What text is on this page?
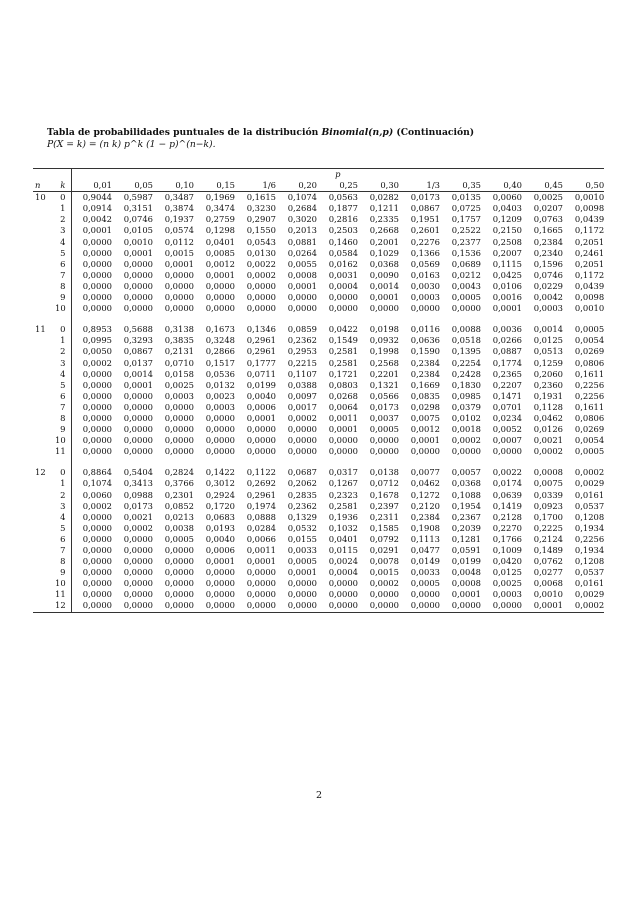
Tabla de probabilidades puntuales de la distribución Binomial(n,p) (Continuación)
P(X = k) = (n k) p^k (1 − p)^(n−k).
		p												
n	k	0,01	0,05	0,10	0,15	1/6	0,20	0,25	0,30	1/3	0,35	0,40	0,45	0,50
10	0	0,9044	0,5987	0,3487	0,1969	0,1615	0,1074	0,0563	0,0282	0,0173	0,0135	0,0060	0,0025	0,0010
	1	0,0914	0,3151	0,3874	0,3474	0,3230	0,2684	0,1877	0,1211	0,0867	0,0725	0,0403	0,0207	0,0098
	2	0,0042	0,0746	0,1937	0,2759	0,2907	0,3020	0,2816	0,2335	0,1951	0,1757	0,1209	0,0763	0,0439
	3	0,0001	0,0105	0,0574	0,1298	0,1550	0,2013	0,2503	0,2668	0,2601	0,2522	0,2150	0,1665	0,1172
	4	0,0000	0,0010	0,0112	0,0401	0,0543	0,0881	0,1460	0,2001	0,2276	0,2377	0,2508	0,2384	0,2051
	5	0,0000	0,0001	0,0015	0,0085	0,0130	0,0264	0,0584	0,1029	0,1366	0,1536	0,2007	0,2340	0,2461
	6	0,0000	0,0000	0,0001	0,0012	0,0022	0,0055	0,0162	0,0368	0,0569	0,0689	0,1115	0,1596	0,2051
	7	0,0000	0,0000	0,0000	0,0001	0,0002	0,0008	0,0031	0,0090	0,0163	0,0212	0,0425	0,0746	0,1172
	8	0,0000	0,0000	0,0000	0,0000	0,0000	0,0001	0,0004	0,0014	0,0030	0,0043	0,0106	0,0229	0,0439
	9	0,0000	0,0000	0,0000	0,0000	0,0000	0,0000	0,0000	0,0001	0,0003	0,0005	0,0016	0,0042	0,0098
	10	0,0000	0,0000	0,0000	0,0000	0,0000	0,0000	0,0000	0,0000	0,0000	0,0000	0,0001	0,0003	0,0010

11	0	0,8953	0,5688	0,3138	0,1673	0,1346	0,0859	0,0422	0,0198	0,0116	0,0088	0,0036	0,0014	0,0005
	1	0,0995	0,3293	0,3835	0,3248	0,2961	0,2362	0,1549	0,0932	0,0636	0,0518	0,0266	0,0125	0,0054
	2	0,0050	0,0867	0,2131	0,2866	0,2961	0,2953	0,2581	0,1998	0,1590	0,1395	0,0887	0,0513	0,0269
	3	0,0002	0,0137	0,0710	0,1517	0,1777	0,2215	0,2581	0,2568	0,2384	0,2254	0,1774	0,1259	0,0806
	4	0,0000	0,0014	0,0158	0,0536	0,0711	0,1107	0,1721	0,2201	0,2384	0,2428	0,2365	0,2060	0,1611
	5	0,0000	0,0001	0,0025	0,0132	0,0199	0,0388	0,0803	0,1321	0,1669	0,1830	0,2207	0,2360	0,2256
	6	0,0000	0,0000	0,0003	0,0023	0,0040	0,0097	0,0268	0,0566	0,0835	0,0985	0,1471	0,1931	0,2256
	7	0,0000	0,0000	0,0000	0,0003	0,0006	0,0017	0,0064	0,0173	0,0298	0,0379	0,0701	0,1128	0,1611
	8	0,0000	0,0000	0,0000	0,0000	0,0001	0,0002	0,0011	0,0037	0,0075	0,0102	0,0234	0,0462	0,0806
	9	0,0000	0,0000	0,0000	0,0000	0,0000	0,0000	0,0001	0,0005	0,0012	0,0018	0,0052	0,0126	0,0269
	10	0,0000	0,0000	0,0000	0,0000	0,0000	0,0000	0,0000	0,0000	0,0001	0,0002	0,0007	0,0021	0,0054
	11	0,0000	0,0000	0,0000	0,0000	0,0000	0,0000	0,0000	0,0000	0,0000	0,0000	0,0000	0,0002	0,0005

12	0	0,8864	0,5404	0,2824	0,1422	0,1122	0,0687	0,0317	0,0138	0,0077	0,0057	0,0022	0,0008	0,0002
	1	0,1074	0,3413	0,3766	0,3012	0,2692	0,2062	0,1267	0,0712	0,0462	0,0368	0,0174	0,0075	0,0029
	2	0,0060	0,0988	0,2301	0,2924	0,2961	0,2835	0,2323	0,1678	0,1272	0,1088	0,0639	0,0339	0,0161
	3	0,0002	0,0173	0,0852	0,1720	0,1974	0,2362	0,2581	0,2397	0,2120	0,1954	0,1419	0,0923	0,0537
	4	0,0000	0,0021	0,0213	0,0683	0,0888	0,1329	0,1936	0,2311	0,2384	0,2367	0,2128	0,1700	0,1208
	5	0,0000	0,0002	0,0038	0,0193	0,0284	0,0532	0,1032	0,1585	0,1908	0,2039	0,2270	0,2225	0,1934
	6	0,0000	0,0000	0,0005	0,0040	0,0066	0,0155	0,0401	0,0792	0,1113	0,1281	0,1766	0,2124	0,2256
	7	0,0000	0,0000	0,0000	0,0006	0,0011	0,0033	0,0115	0,0291	0,0477	0,0591	0,1009	0,1489	0,1934
	8	0,0000	0,0000	0,0000	0,0001	0,0001	0,0005	0,0024	0,0078	0,0149	0,0199	0,0420	0,0762	0,1208
	9	0,0000	0,0000	0,0000	0,0000	0,0000	0,0001	0,0004	0,0015	0,0033	0,0048	0,0125	0,0277	0,0537
	10	0,0000	0,0000	0,0000	0,0000	0,0000	0,0000	0,0000	0,0002	0,0005	0,0008	0,0025	0,0068	0,0161
	11	0,0000	0,0000	0,0000	0,0000	0,0000	0,0000	0,0000	0,0000	0,0000	0,0001	0,0003	0,0010	0,0029
	12	0,0000	0,0000	0,0000	0,0000	0,0000	0,0000	0,0000	0,0000	0,0000	0,0000	0,0000	0,0001	0,0002
2
